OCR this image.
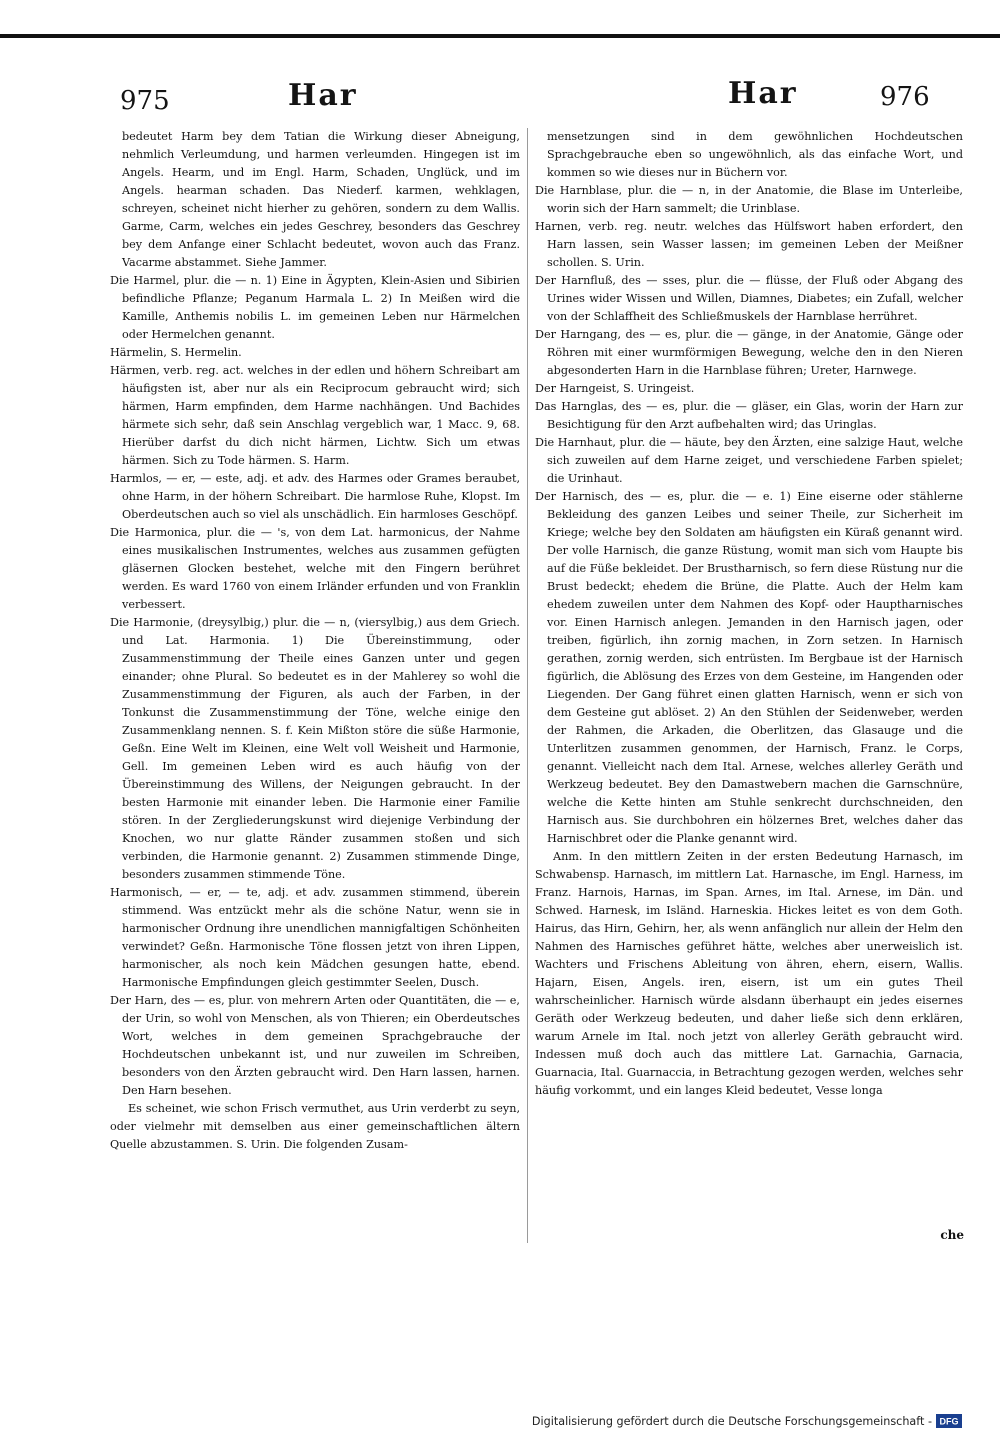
975	Har	Har	976

bedeutet Harm bey dem Tatian die Wirkung dieser Abneigung, nehmlich Verleumdung, und harmen verleumden. Hingegen ist im Angels. Hearm, und im Engl. Harm, Schaden, Unglück, und im Angels. hearman schaden. Das Niederf. karmen, wehklagen, schreyen, scheinet nicht hierher zu gehören, sondern zu dem Wallis. Garme, Carm, welches ein jedes Geschrey, besonders das Geschrey bey dem Anfange einer Schlacht bedeutet, wovon auch das Franz. Vacarme abstammet. Siehe Jammer.

Die Harmel, plur. die — n. 1) Eine in Ägypten, Klein-Asien und Sibirien befindliche Pflanze; Peganum Harmala L. 2) In Meißen wird die Kamille, Anthemis nobilis L. im gemeinen Leben nur Härmelchen oder Hermelchen genannt.

Härmelin, S. Hermelin.

Härmen, verb. reg. act. welches in der edlen und höhern Schreibart am häufigsten ist, aber nur als ein Reciprocum gebraucht wird; sich härmen, Harm empfinden, dem Harme nachhängen. Und Bachides härmete sich sehr, daß sein Anschlag vergeblich war, 1 Macc. 9, 68. Hierüber darfst du dich nicht härmen, Lichtw. Sich um etwas härmen. Sich zu Tode härmen. S. Harm.

Harmlos, — er, — este, adj. et adv. des Harmes oder Grames beraubet, ohne Harm, in der höhern Schreibart. Die harmlose Ruhe, Klopst. Im Oberdeutschen auch so viel als unschädlich. Ein harmloses Geschöpf.

Die Harmonica, plur. die — 's, von dem Lat. harmonicus, der Nahme eines musikalischen Instrumentes, welches aus zusammen gefügten gläsernen Glocken bestehet, welche mit den Fingern berühret werden. Es ward 1760 von einem Irländer erfunden und von Franklin verbessert.

Die Harmonie, (dreysylbig,) plur. die — n, (viersylbig,) aus dem Griech. und Lat. Harmonia. 1) Die Übereinstimmung, oder Zusammenstimmung der Theile eines Ganzen unter und gegen einander; ohne Plural. So bedeutet es in der Mahlerey so wohl die Zusammenstimmung der Figuren, als auch der Farben, in der Tonkunst die Zusammenstimmung der Töne, welche einige den Zusammenklang nennen. S. f. Kein Mißton störe die süße Harmonie, Geßn. Eine Welt im Kleinen, eine Welt voll Weisheit und Harmonie, Gell. Im gemeinen Leben wird es auch häufig von der Übereinstimmung des Willens, der Neigungen gebraucht. In der besten Harmonie mit einander leben. Die Harmonie einer Familie stören. In der Zergliederungskunst wird diejenige Verbindung der Knochen, wo nur glatte Ränder zusammen stoßen und sich verbinden, die Harmonie genannt. 2) Zusammen stimmende Dinge, besonders zusammen stimmende Töne.

Harmonisch, — er, — te, adj. et adv. zusammen stimmend, überein stimmend. Was entzückt mehr als die schöne Natur, wenn sie in harmonischer Ordnung ihre unendlichen mannigfaltigen Schönheiten verwindet? Geßn. Harmonische Töne flossen jetzt von ihren Lippen, harmonischer, als noch kein Mädchen gesungen hatte, ebend. Harmonische Empfindungen gleich gestimmter Seelen, Dusch.

Der Harn, des — es, plur. von mehrern Arten oder Quantitäten, die — e, der Urin, so wohl von Menschen, als von Thieren; ein Oberdeutsches Wort, welches in dem gemeinen Sprachgebrauche der Hochdeutschen unbekannt ist, und nur zuweilen im Schreiben, besonders von den Ärzten gebraucht wird. Den Harn lassen, harnen. Den Harn besehen.

Es scheinet, wie schon Frisch vermuthet, aus Urin verderbt zu seyn, oder vielmehr mit demselben aus einer gemeinschaftlichen ältern Quelle abzustammen. S. Urin. Die folgenden Zusam-

mensetzungen sind in dem gewöhnlichen Hochdeutschen Sprachgebrauche eben so ungewöhnlich, als das einfache Wort, und kommen so wie dieses nur in Büchern vor.

Die Harnblase, plur. die — n, in der Anatomie, die Blase im Unterleibe, worin sich der Harn sammelt; die Urinblase.

Harnen, verb. reg. neutr. welches das Hülfswort haben erfordert, den Harn lassen, sein Wasser lassen; im gemeinen Leben der Meißner schollen. S. Urin.

Der Harnfluß, des — sses, plur. die — flüsse, der Fluß oder Abgang des Urines wider Wissen und Willen, Diamnes, Diabetes; ein Zufall, welcher von der Schlaffheit des Schließmuskels der Harnblase herrühret.

Der Harngang, des — es, plur. die — gänge, in der Anatomie, Gänge oder Röhren mit einer wurmförmigen Bewegung, welche den in den Nieren abgesonderten Harn in die Harnblase führen; Ureter, Harnwege.

Der Harngeist, S. Uringeist.

Das Harnglas, des — es, plur. die — gläser, ein Glas, worin der Harn zur Besichtigung für den Arzt aufbehalten wird; das Uringlas.

Die Harnhaut, plur. die — häute, bey den Ärzten, eine salzige Haut, welche sich zuweilen auf dem Harne zeiget, und verschiedene Farben spielet; die Urinhaut.

Der Harnisch, des — es, plur. die — e. 1) Eine eiserne oder stählerne Bekleidung des ganzen Leibes und seiner Theile, zur Sicherheit im Kriege; welche bey den Soldaten am häufigsten ein Küraß genannt wird. Der volle Harnisch, die ganze Rüstung, womit man sich vom Haupte bis auf die Füße bekleidet. Der Brustharnisch, so fern diese Rüstung nur die Brust bedeckt; ehedem die Brüne, die Platte. Auch der Helm kam ehedem zuweilen unter dem Nahmen des Kopf- oder Hauptharnisches vor. Einen Harnisch anlegen. Jemanden in den Harnisch jagen, oder treiben, figürlich, ihn zornig machen, in Zorn setzen. In Harnisch gerathen, zornig werden, sich entrüsten. Im Bergbaue ist der Harnisch figürlich, die Ablösung des Erzes von dem Gesteine, im Hangenden oder Liegenden. Der Gang führet einen glatten Harnisch, wenn er sich von dem Gesteine gut ablöset. 2) An den Stühlen der Seidenweber, werden der Rahmen, die Arkaden, die Oberlitzen, das Glasauge und die Unterlitzen zusammen genommen, der Harnisch, Franz. le Corps, genannt. Vielleicht nach dem Ital. Arnese, welches allerley Geräth und Werkzeug bedeutet. Bey den Damastwebern machen die Garnschnüre, welche die Kette hinten am Stuhle senkrecht durchschneiden, den Harnisch aus. Sie durchbohren ein hölzernes Bret, welches daher das Harnischbret oder die Planke genannt wird.

Anm. In den mittlern Zeiten in der ersten Bedeutung Harnasch, im Schwabensp. Harnasch, im mittlern Lat. Harnasche, im Engl. Harness, im Franz. Harnois, Harnas, im Span. Arnes, im Ital. Arnese, im Dän. und Schwed. Harnesk, im Isländ. Harneskia. Hickes leitet es von dem Goth. Hairus, das Hirn, Gehirn, her, als wenn anfänglich nur allein der Helm den Nahmen des Harnisches geführet hätte, welches aber unerweislich ist. Wachters und Frischens Ableitung von ähren, ehern, eisern, Wallis. Hajarn, Eisen, Angels. iren, eisern, ist um ein gutes Theil wahrscheinlicher. Harnisch würde alsdann überhaupt ein jedes eisernes Geräth oder Werkzeug bedeuten, und daher ließe sich denn erklären, warum Arnele im Ital. noch jetzt von allerley Geräth gebraucht wird. Indessen muß doch auch das mittlere Lat. Garnachia, Garnacia, Guarnacia, Ital. Guarnaccia, in Betrachtung gezogen werden, welches sehr häufig vorkommt, und ein langes Kleid bedeutet, Vesse longa

che
Digitalisierung gefördert durch die Deutsche Forschungsgemeinschaft - DFG
